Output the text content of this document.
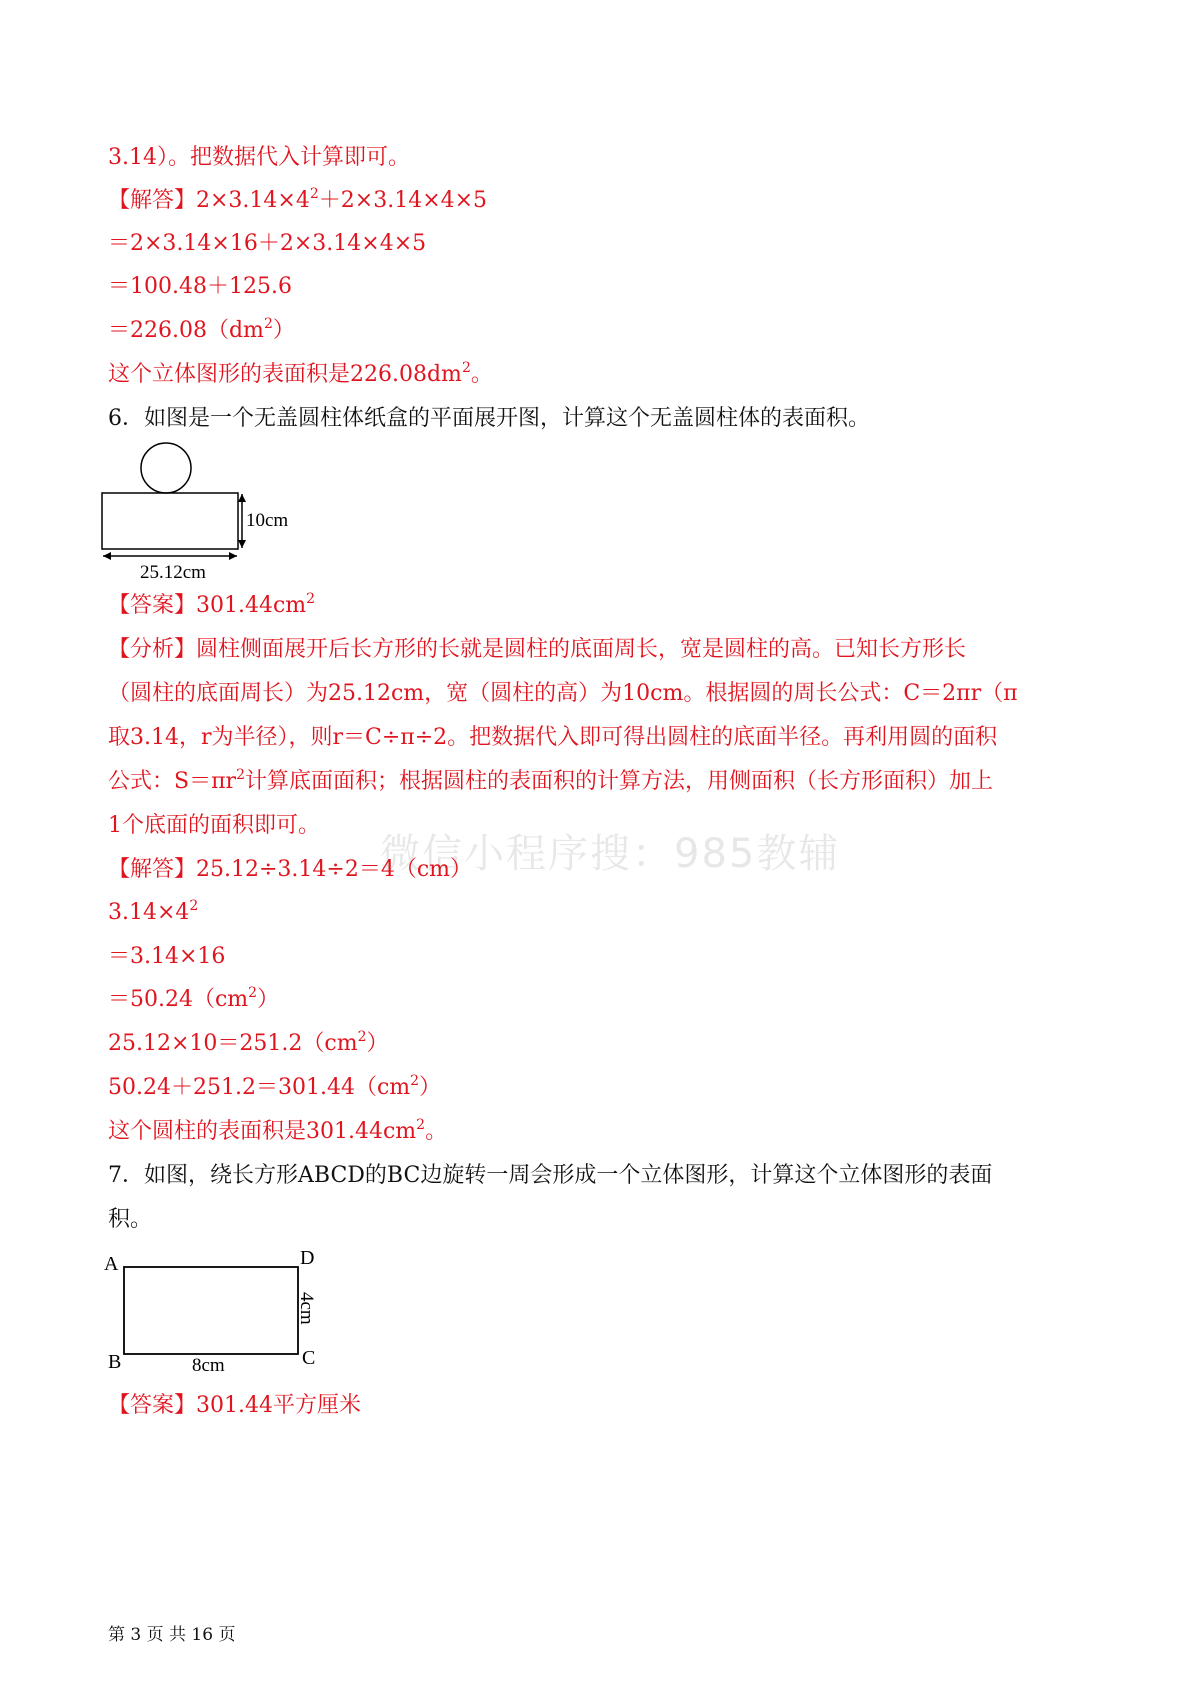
3.14）。把数据代入计算即可。
【解答】$2\times 3.14\times 4^2+2\times 3.14\times 4\times 5$
＝2×3.14×16＋2×3.14×4×5
＝100.48＋125.6
$=226.08(dm^2)$
这个立体图形的表面积是$226.08dm^2$。
6．如图是一个无盖圆柱体纸盒的平面展开图，计算这个无盖圆柱体的表面积。
10cm
25.12cm
【答案】$301.44cm^2$
【分析】圆柱侧面展开后长方形的长就是圆柱的底面周长，宽是圆柱的高。已知长方形长
（圆柱的底面周长）为25.12cm，宽（圆柱的高）为10cm。根据圆的周长公式：C＝2πr（π
取3.14，r为半径），则r＝C÷π÷2。把数据代入即可得出圆柱的底面半径。再利用圆的面积
公式：$S=\pi r^2$计算底面面积；根据圆柱的表面积的计算方法，用侧面积（长方形面积）加上
1个底面的面积即可。
微信小程序搜：985教辅
【解答】25.12÷3.14÷2＝4（cm）
$3.14\times 4^2$
＝3.14×16
$=50.24(cm^2)$
$25.12\times 10=251.2(cm^2)$
$50.24+251.2=301.44(cm^2)$
这个圆柱的表面积是$301.44cm^2$。
7．如图，绕长方形ABCD的BC边旋转一周会形成一个立体图形，计算这个立体图形的表面
积。
A	D
B	C
8cm
4cm
【答案】301.44平方厘米
第 3 页 共 16 页
